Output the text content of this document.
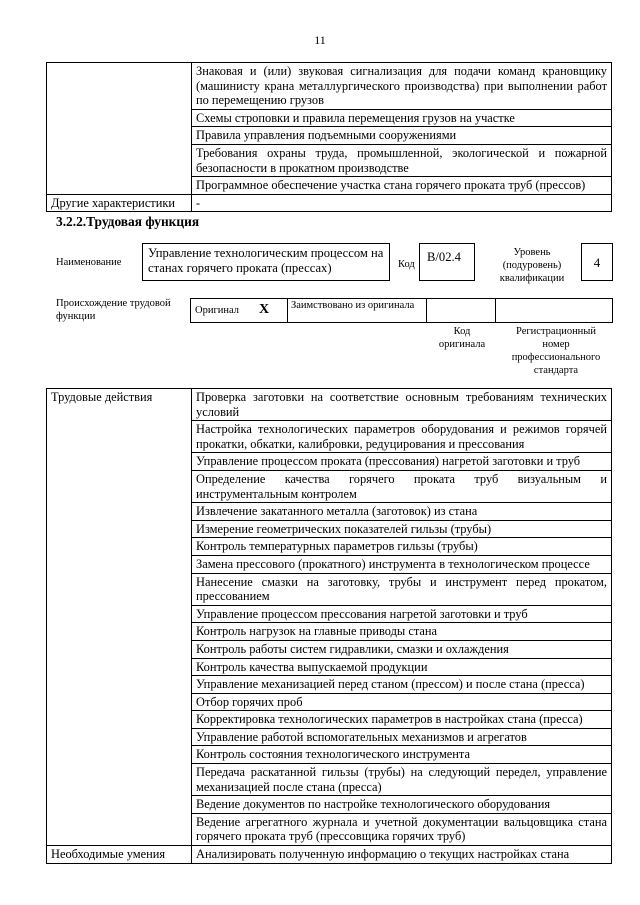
11
	Знаковая и (или) звуковая сигнализация для подачи команд крановщику (машинисту крана металлургического производства) при выполнении работ по перемещению грузов
	Схемы строповки и правила перемещения грузов на участке
	Правила управления подъемными сооружениями
	Требования охраны труда, промышленной, экологической и пожарной безопасности в прокатном производстве
	Программное обеспечение участка стана горячего проката труб (прессов)
Другие характеристики	-
3.2.2.Трудовая функция
Наименование
Управление технологическим процессом на станах горячего проката (прессах)	Код
B/02.4	Уровень (подуровень) квалификации
4
Происхождение трудовой функции
Оригинал X	Заимствовано из оригинала
Код оригинала
Регистрационный номер профессионального стандарта
Трудовые действия	Проверка заготовки на соответствие основным требованиям технических условий
	Настройка технологических параметров оборудования и режимов горячей прокатки, обкатки, калибровки, редуцирования и прессования
	Управление процессом проката (прессования) нагретой заготовки и труб
	Определение качества горячего проката труб визуальным и инструментальным контролем
	Извлечение закатанного металла (заготовок) из стана
	Измерение геометрических показателей гильзы (трубы)
	Контроль температурных параметров гильзы (трубы)
	Замена прессового (прокатного) инструмента в технологическом процессе
	Нанесение смазки на заготовку, трубы и инструмент перед прокатом, прессованием
	Управление процессом прессования нагретой заготовки и труб
	Контроль нагрузок на главные приводы стана
	Контроль работы систем гидравлики, смазки и охлаждения
	Контроль качества выпускаемой продукции
	Управление механизацией перед станом (прессом) и после стана (пресса)
	Отбор горячих проб
	Корректировка технологических параметров в настройках стана (пресса)
	Управление работой вспомогательных механизмов и агрегатов
	Контроль состояния технологического инструмента
	Передача раскатанной гильзы (трубы) на следующий передел, управление механизацией после стана (пресса)
	Ведение документов по настройке технологического оборудования
	Ведение агрегатного журнала и учетной документации вальцовщика стана горячего проката труб (прессовщика горячих труб)
Необходимые умения	Анализировать полученную информацию о текущих настройках стана
